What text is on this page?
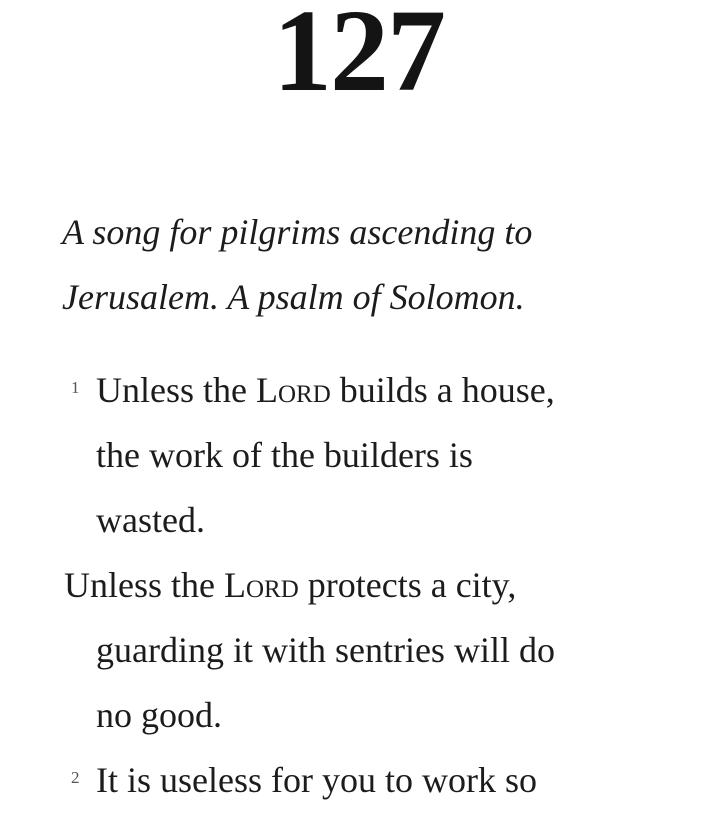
127
A song for pilgrims ascending to
Jerusalem. A psalm of Solomon.
1 Unless the Lord builds a house,
the work of the builders is
wasted.
Unless the Lord protects a city,
guarding it with sentries will do
no good.
2 It is useless for you to work so
